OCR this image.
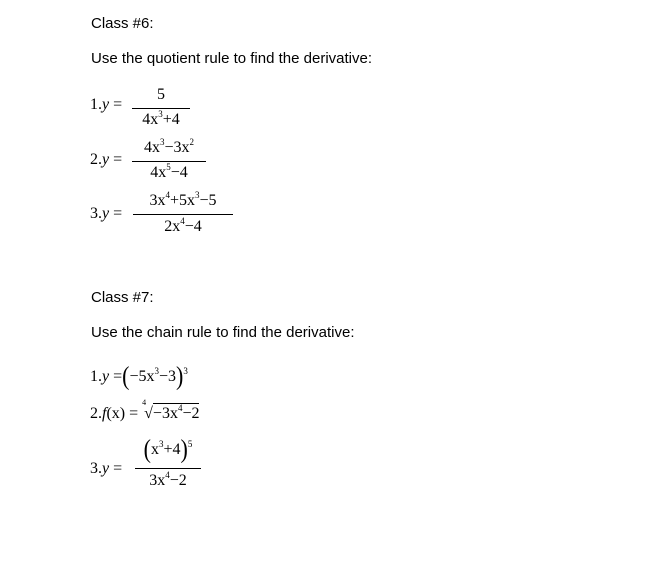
Class #6:
Use the quotient rule to find the derivative:
1.y =
5
$4x^3+4$
2.y =
$4x^3-3x^2$
$4x^5-4$
3.y =
$3x^4+5x^3-5$
$2x^4-4$
Class #7:
Use the chain rule to find the derivative:
$1.y =(-5x^3-3)^3$
2.f(x) =
4
$√-3x^4-2$
3.y =
$(x^3+4)^5$
$3x^4-2$
